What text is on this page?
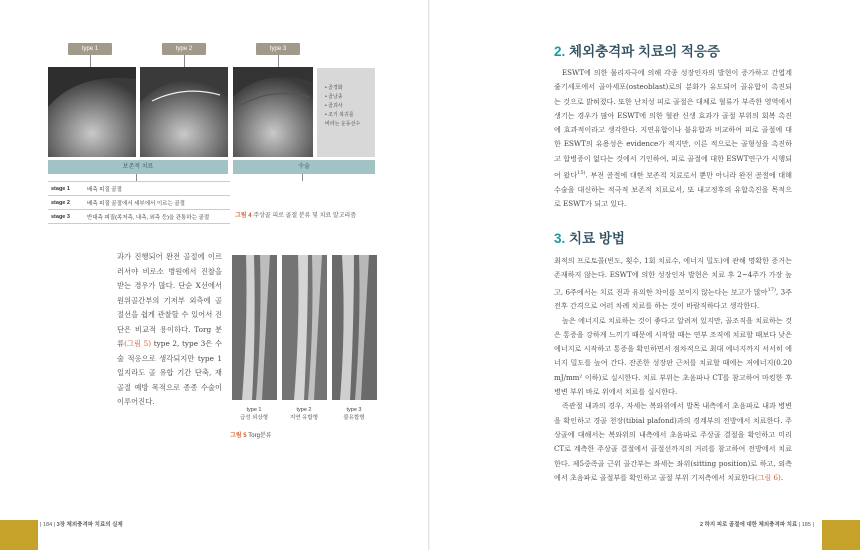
type 1	type 2	type 3
• 골경화
• 골낭종
• 골괴사
• 조기 복귀를
바라는 운동선수
보존적 치료	수술
stage 1	배측 피질 골절
stage 2	배측 피질 골절에서 세부에서 이르는 골절
stage 3	반대측 피질(족저측, 내측, 외측 등)을 관통하는 골절	그림 4 주상골 피로 골절 분류 및 치료 알고리즘
과가 진행되어 완전 골절에 이르러서야 비로소 병원에서 진찰을 받는 경우가 많다. 단순 X선에서 원위골간부의 기저부 외측에 골절선을 쉽게 관찰할 수 있어서 진단은 비교적 용이하다. Torg 분류(그림 5) type 2, type 3은 수술 적응으로 생각되지만 type 1 일지라도 골 유합 기간 단축, 재골절 예방 목적으로 종종 수술이 이루어진다.
type 1
급성 외상형
type 2
지연 유합형
type 3
불유합형
그림 5 Torg분류
| 184 | 3장 체외충격파 치료의 실제
2. 체외충격파 치료의 적응증

ESWT에 의한 물리자극에 의해 각종 성장인자의 발현이 증가하고 간엽계줄기세포에서 골아세포(osteoblast)로의 분화가 유도되어 골유합이 촉진되는 것으로 밝혀졌다. 또한 난치성 피로 골절은 대체로 혈류가 부족한 영역에서 생기는 경우가 많아 ESWT에 의한 혈관 신생 효과가 골절 부위의 회복 촉진에 효과적이라고 생각한다. 지연유합이나 불유합과 비교하여 피로 골절에 대한 ESWT의 유용성은 evidence가 적지만, 이른 적으로는 골형성을 촉진하고 합병증이 없다는 것에서 기인하여, 피로 골절에 대한 ESWT연구가 시행되어 왔다$^{15)}$. 부전 골절에 대한 보존적 치료로서 뿐만 아니라 완전 골절에 대해 수술을 대신하는 적극적 보존적 치료로서, 또 내고정후의 유합촉진을 목적으로 ESWT가 되고 있다.

3. 치료 방법

최적의 프로토콜(빈도, 횟수, 1회 치료수, 에너지 밀도)에 관해 명확한 증거는 존재하지 않는다. ESWT에 의한 성장인자 발현은 치료 후 2~4주가 가장 높고, 6주에서는 치료 전과 유의한 차이를 보이지 않는다는 보고가 많아$^{17)}$, 3주 전후 간격으로 여러 차례 치료를 하는 것이 바람직하다고 생각한다.

높은 에너지로 치료하는 것이 좋다고 알려져 있지만, 골조직을 치료하는 것은 통증을 강하게 느끼기 때문에 시작할 때는 연부 조직에 치료할 때보다 낮은 에너지로 시작하고 통증을 확인하면서 점차적으로 최대 에너지까지 서서히 에너지 밀도를 높여 간다. 잔존한 성장판 근처를 치료할 때에는 저에너지(0.20 mJ/mm² 이하)로 실시한다. 치료 부위는 초음파나 CT를 참고하여 마킹한 후 병변 부위 바로 위에서 치료를 실시한다.

족관절 내과의 경우, 자세는 복와위에서 발목 내측에서 초음파로 내과 병변을 확인하고 경골 천장(tibial plafond)과의 경계부의 전방에서 치료한다. 주상골에 대해서는 복와위의 내측에서 초음파로 주상골 결절을 확인하고 미리 CT로 계측한 주상골 결절에서 골절선까지의 거리를 참고하여 전방에서 치료한다. 제5중족골 근위 골간부는 좌세는 좌위(sitting position)로 하고, 외측에서 초음파로 골절부를 확인하고 골절 부위 기저측에서 치료한다(그림 6).

2 하지 피로 골절에 대한 체외충격파 치료 | 185 |
